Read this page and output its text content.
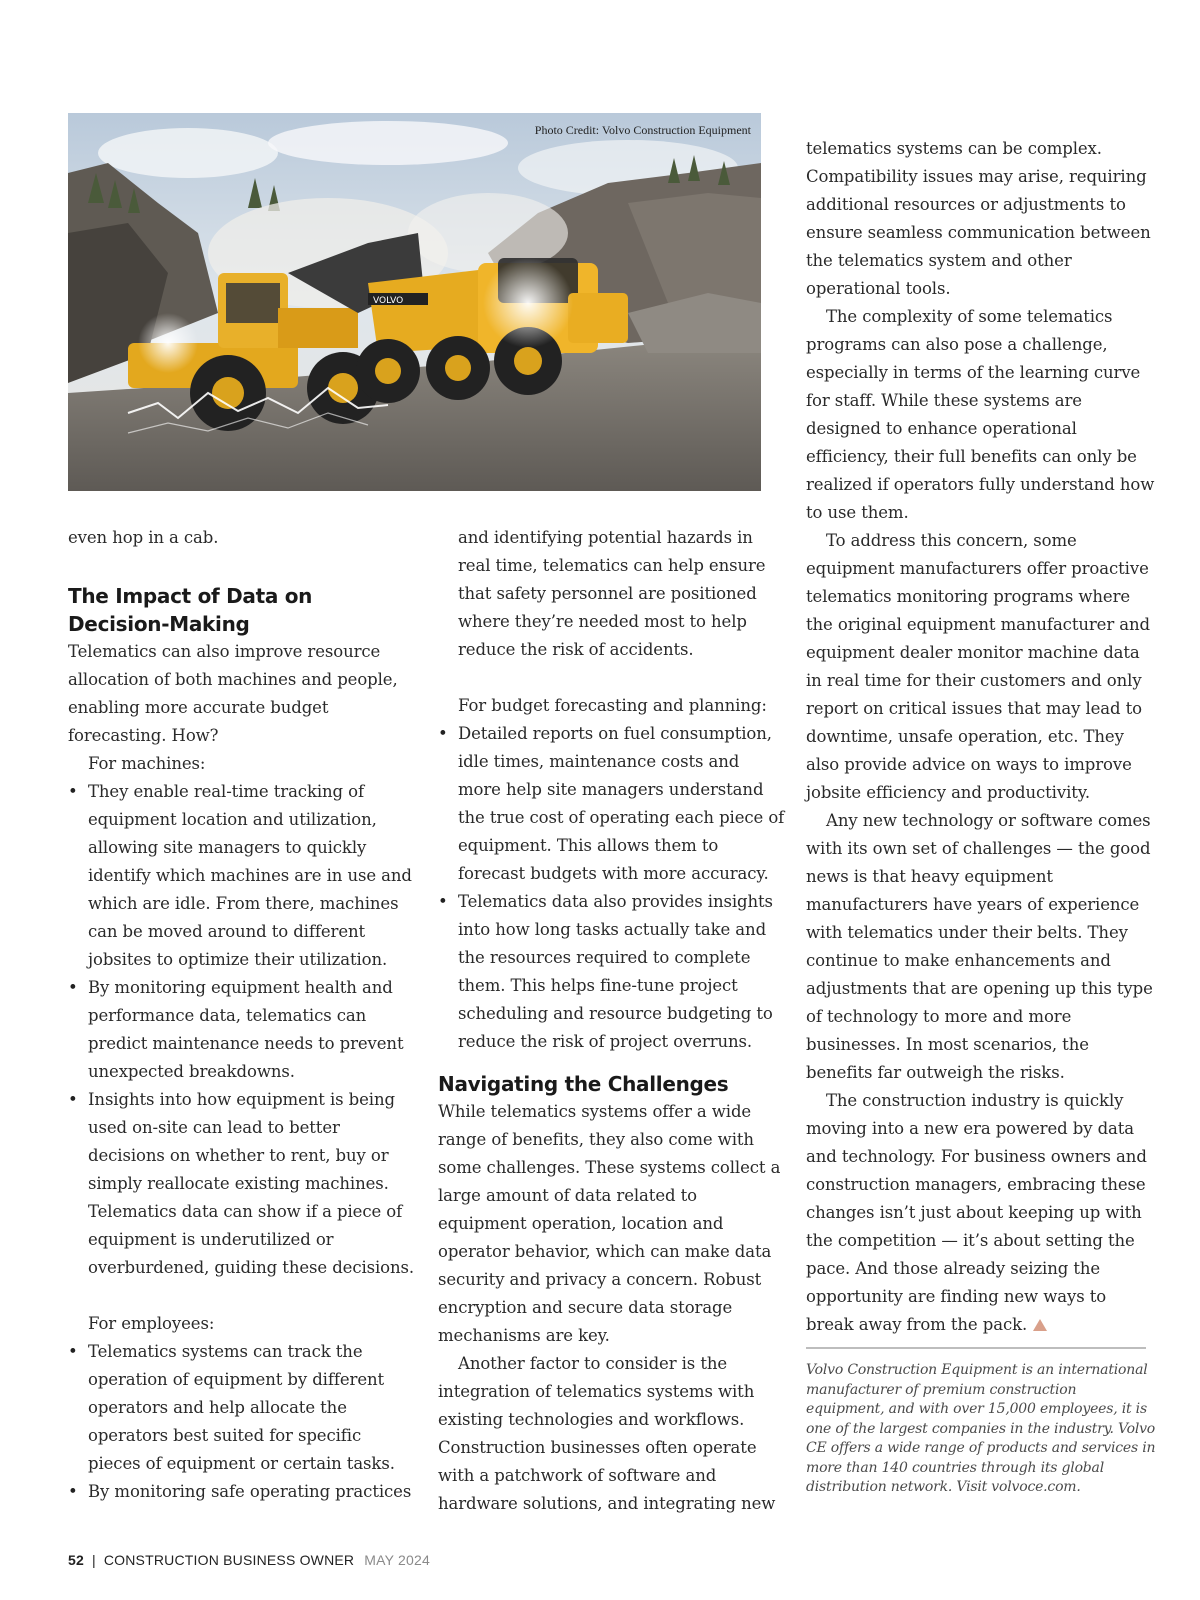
VOLVO
Photo Credit: Volvo Construction Equipment

even hop in a cab.

The Impact of Data on Decision-Making

Telematics can also improve resource allocation of both machines and people, enabling more accurate budget forecasting. How?

For machines:

• They enable real-time tracking of equipment location and utilization, allowing site managers to quickly identify which machines are in use and which are idle. From there, machines can be moved around to different jobsites to optimize their utilization.
• By monitoring equipment health and performance data, telematics can predict maintenance needs to prevent unexpected breakdowns.
• Insights into how equipment is being used on-site can lead to better decisions on whether to rent, buy or simply reallocate existing machines. Telematics data can show if a piece of equipment is underutilized or overburdened, guiding these decisions.

For employees:

• Telematics systems can track the operation of equipment by different operators and help allocate the operators best suited for specific pieces of equipment or certain tasks.
• By monitoring safe operating practices

and identifying potential hazards in real time, telematics can help ensure that safety personnel are positioned where they’re needed most to help reduce the risk of accidents.

For budget forecasting and planning:

• Detailed reports on fuel consumption, idle times, maintenance costs and more help site managers understand the true cost of operating each piece of equipment. This allows them to forecast budgets with more accuracy.
• Telematics data also provides insights into how long tasks actually take and the resources required to complete them. This helps fine-tune project scheduling and resource budgeting to reduce the risk of project overruns.
Navigating the Challenges

While telematics systems offer a wide range of benefits, they also come with some challenges. These systems collect a large amount of data related to equipment operation, location and operator behavior, which can make data security and privacy a concern. Robust encryption and secure data storage mechanisms are key.

Another factor to consider is the integration of telematics systems with existing technologies and workflows. Construction businesses often operate with a patchwork of software and hardware solutions, and integrating new

telematics systems can be complex. Compatibility issues may arise, requiring additional resources or adjustments to ensure seamless communication between the telematics system and other operational tools.

The complexity of some telematics programs can also pose a challenge, especially in terms of the learning curve for staff. While these systems are designed to enhance operational efficiency, their full benefits can only be realized if operators fully understand how to use them.

To address this concern, some equipment manufacturers offer proactive telematics monitoring programs where the original equipment manufacturer and equipment dealer monitor machine data in real time for their customers and only report on critical issues that may lead to downtime, unsafe operation, etc. They also provide advice on ways to improve jobsite efficiency and productivity.

Any new technology or software comes with its own set of challenges — the good news is that heavy equipment manufacturers have years of experience with telematics under their belts. They continue to make enhancements and adjustments that are opening up this type of technology to more and more businesses. In most scenarios, the benefits far outweigh the risks.

The construction industry is quickly moving into a new era powered by data and technology. For business owners and construction managers, embracing these changes isn’t just about keeping up with the competition — it’s about setting the pace. And those already seizing the opportunity are finding new ways to break away from the pack.

Volvo Construction Equipment is an international manufacturer of premium construction equipment, and with over 15,000 employees, it is one of the largest companies in the industry. Volvo CE offers a wide range of products and services in more than 140 countries through its global distribution network. Visit volvoce.com.
52 | CONSTRUCTION BUSINESS OWNER MAY 2024
